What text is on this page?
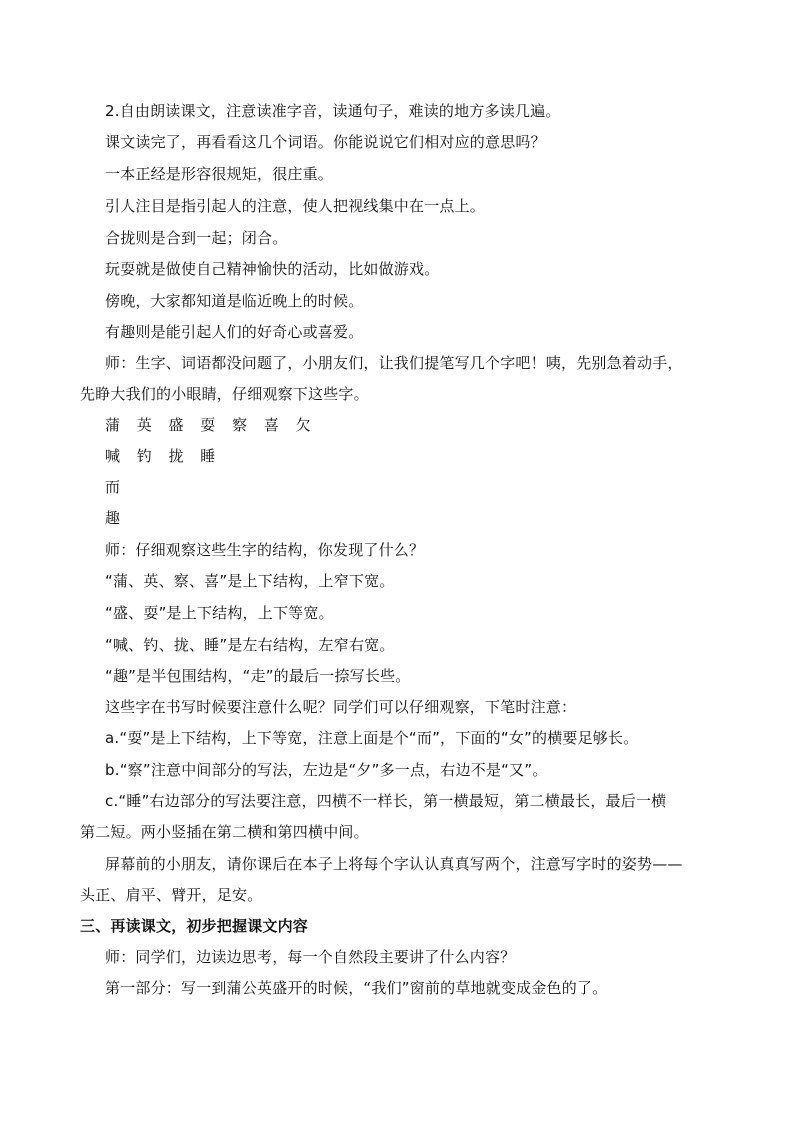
2.自由朗读课文，注意读准字音，读通句子，难读的地方多读几遍。
课文读完了，再看看这几个词语。你能说说它们相对应的意思吗？
一本正经是形容很规矩，很庄重。
引人注目是指引起人的注意，使人把视线集中在一点上。
合拢则是合到一起；闭合。
玩耍就是做使自己精神愉快的活动，比如做游戏。
傍晚，大家都知道是临近晚上的时候。
有趣则是能引起人们的好奇心或喜爱。
师：生字、词语都没问题了，小朋友们，让我们提笔写几个字吧！咦，先别急着动手，
先睁大我们的小眼睛，仔细观察下这些字。
蒲 英 盛 耍 察 喜 欠
喊 钓 拢 睡
而
趣
师：仔细观察这些生字的结构，你发现了什么？
“蒲、英、察、喜”是上下结构，上窄下宽。
“盛、耍”是上下结构，上下等宽。
“喊、钓、拢、睡”是左右结构，左窄右宽。
“趣”是半包围结构，“走”的最后一捺写长些。
这些字在书写时候要注意什么呢？同学们可以仔细观察，下笔时注意：
a.“耍”是上下结构，上下等宽，注意上面是个“而”，下面的“女”的横要足够长。
b.“察”注意中间部分的写法，左边是“夕”多一点，右边不是“又”。
c.“睡”右边部分的写法要注意，四横不一样长，第一横最短，第二横最长，最后一横
第二短。两小竖插在第二横和第四横中间。
屏幕前的小朋友，请你课后在本子上将每个字认认真真写两个，注意写字时的姿势——
头正、肩平、臂开，足安。
三、再读课文，初步把握课文内容
师：同学们，边读边思考，每一个自然段主要讲了什么内容？
第一部分：写一到蒲公英盛开的时候，“我们”窗前的草地就变成金色的了。
